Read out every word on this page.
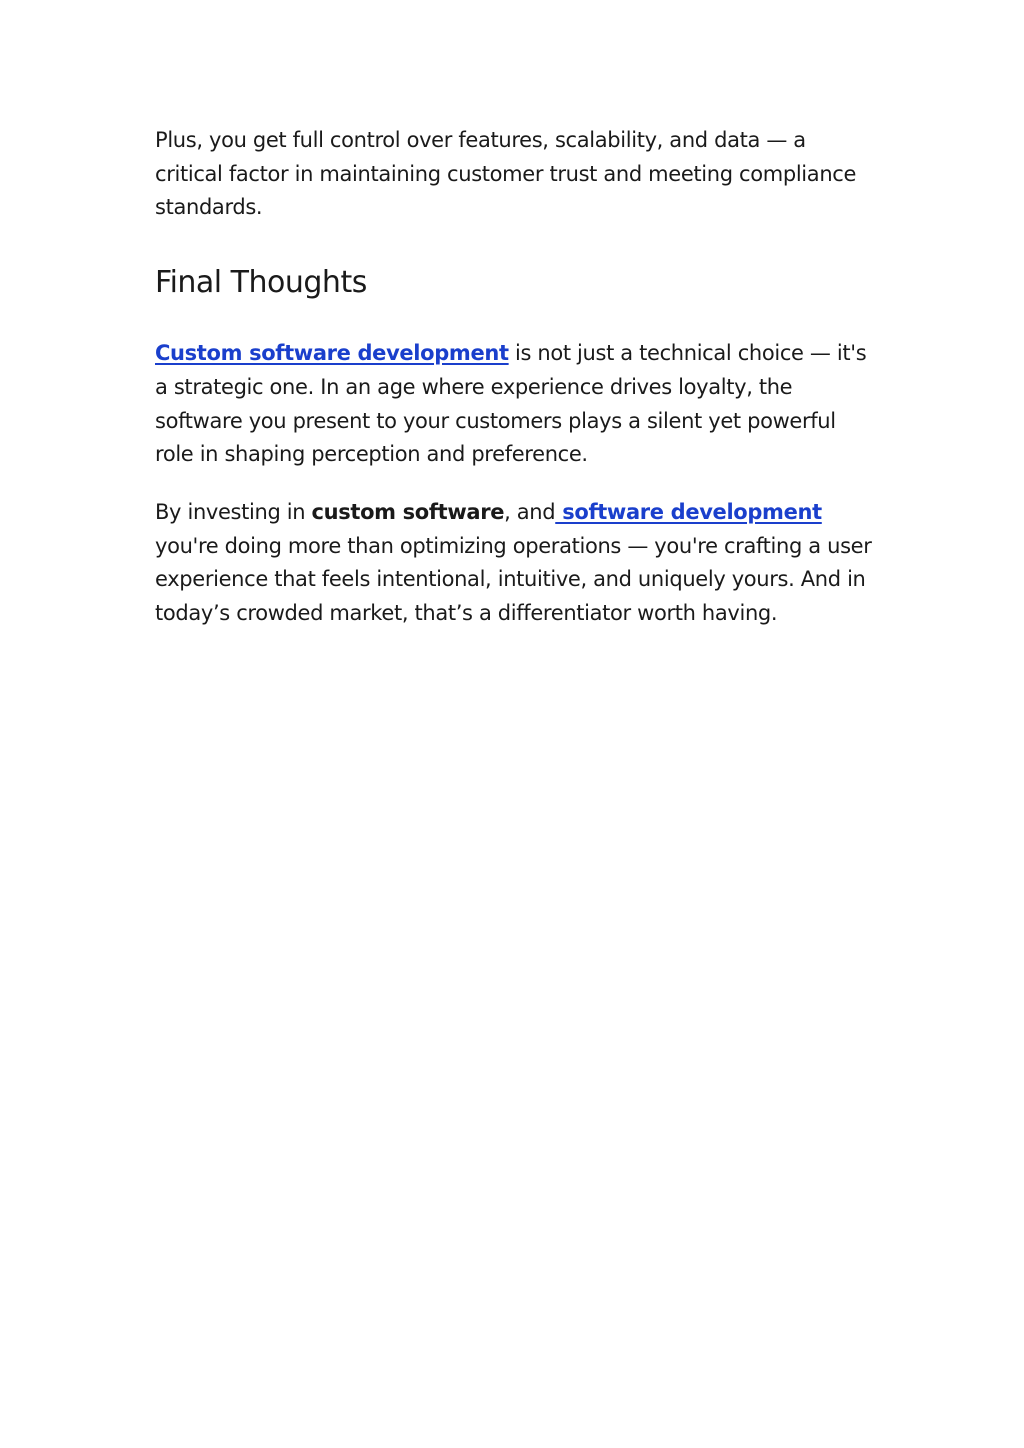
Plus, you get full control over features, scalability, and data — a critical factor in maintaining customer trust and meeting compliance standards.

Final Thoughts

Custom software development is not just a technical choice — it's a strategic one. In an age where experience drives loyalty, the software you present to your customers plays a silent yet powerful role in shaping perception and preference.

By investing in custom software, and software development you're doing more than optimizing operations — you're crafting a user experience that feels intentional, intuitive, and uniquely yours. And in today’s crowded market, that’s a differentiator worth having.
